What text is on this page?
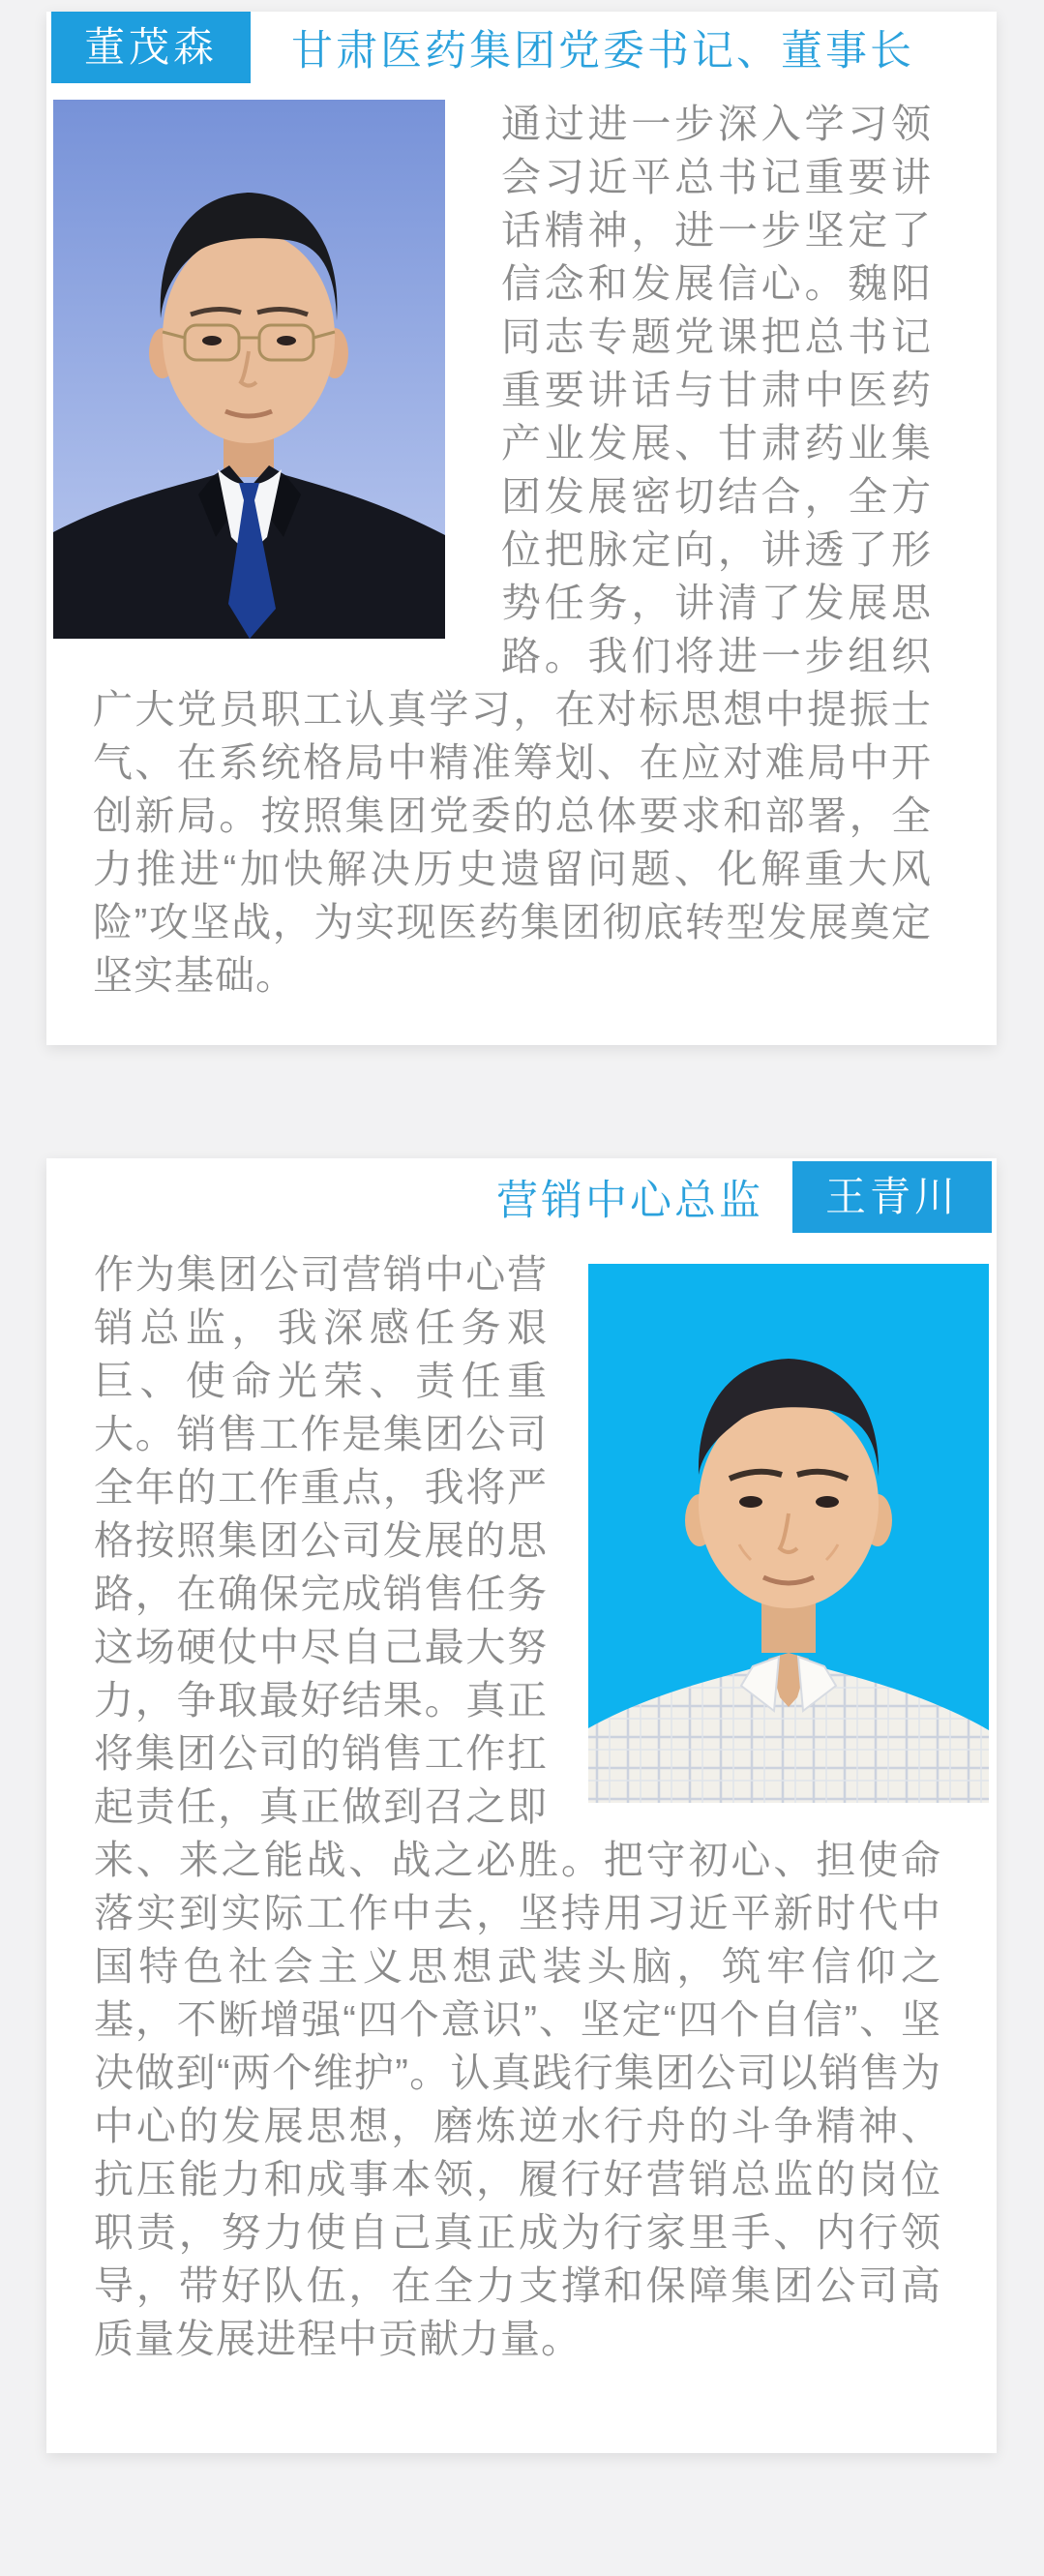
董茂森	甘肃医药集团党委书记、董事长

通过进一步深入学习领会习近平总书记重要讲话精神，进一步坚定了信念和发展信心。魏阳同志专题党课把总书记重要讲话与甘肃中医药产业发展、甘肃药业集团发展密切结合，全方位把脉定向，讲透了形势任务，讲清了发展思路。我们将进一步组织广大党员职工认真学习，在对标思想中提振士气、在系统格局中精准筹划、在应对难局中开创新局。按照集团党委的总体要求和部署，全力推进“加快解决历史遗留问题、化解重大风险”攻坚战，为实现医药集团彻底转型发展奠定坚实基础。

营销中心总监	王青川

作为集团公司营销中心营销总监，我深感任务艰巨、使命光荣、责任重大。销售工作是集团公司全年的工作重点，我将严格按照集团公司发展的思路，在确保完成销售任务这场硬仗中尽自己最大努力，争取最好结果。真正将集团公司的销售工作扛起责任，真正做到召之即来、来之能战、战之必胜。把守初心、担使命落实到实际工作中去，坚持用习近平新时代中国特色社会主义思想武装头脑，筑牢信仰之基，不断增强“四个意识”、坚定“四个自信”、坚决做到“两个维护”。认真践行集团公司以销售为中心的发展思想，磨炼逆水行舟的斗争精神、抗压能力和成事本领，履行好营销总监的岗位职责，努力使自己真正成为行家里手、内行领导，带好队伍，在全力支撑和保障集团公司高质量发展进程中贡献力量。
